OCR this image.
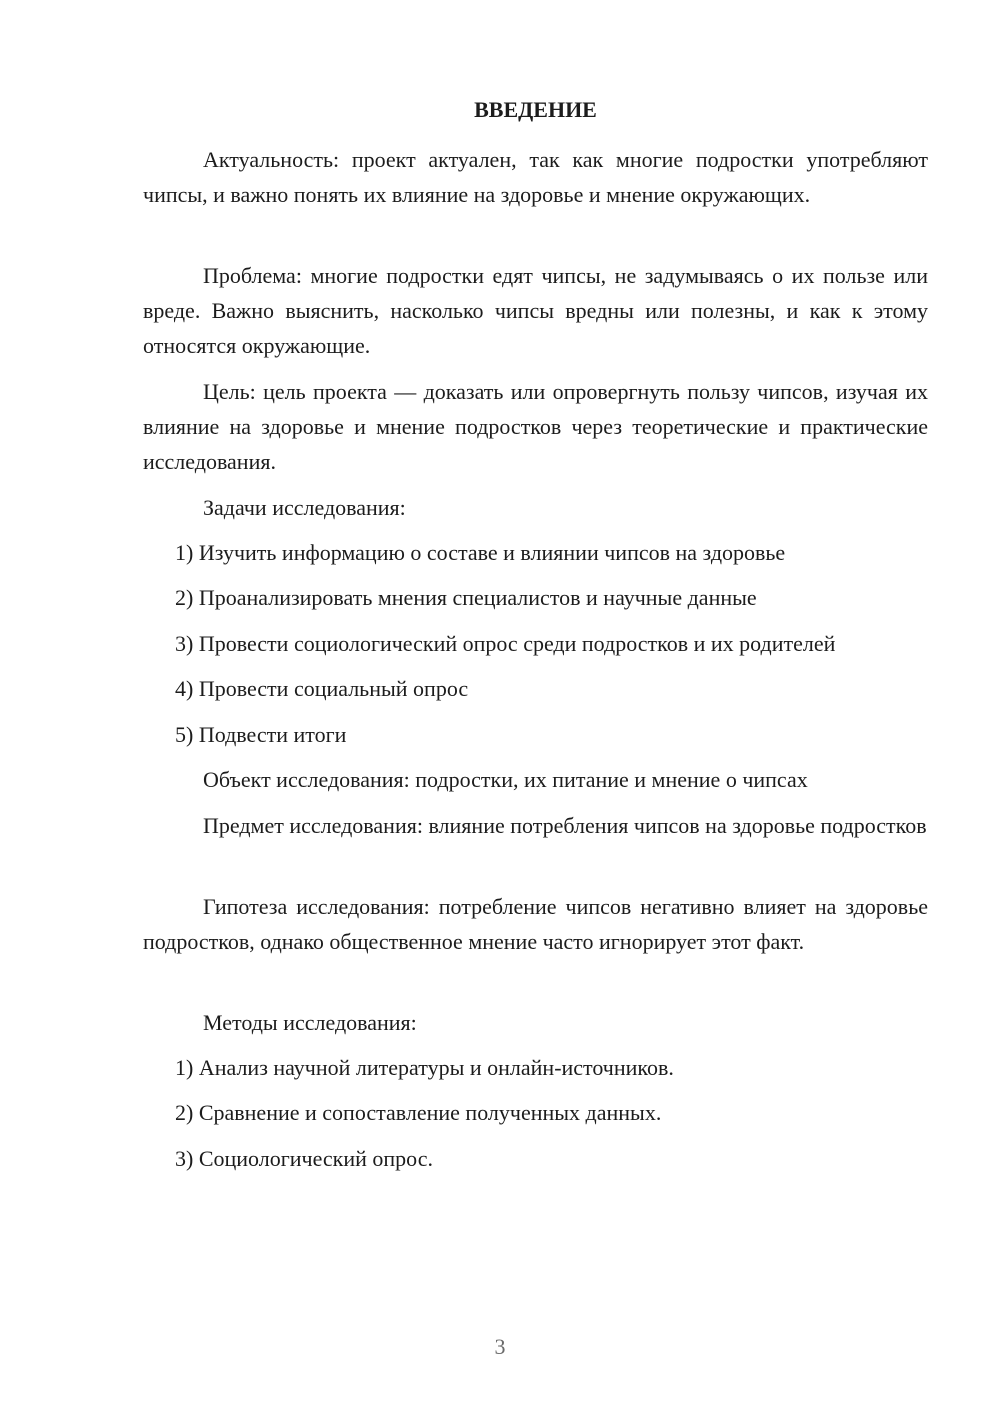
ВВЕДЕНИЕ

Актуальность: проект актуален, так как многие подростки употребляют чипсы, и важно понять их влияние на здоровье и мнение окружающих.

Проблема: многие подростки едят чипсы, не задумываясь о их пользе или вреде. Важно выяснить, насколько чипсы вредны или полезны, и как к этому относятся окружающие.

Цель: цель проекта — доказать или опровергнуть пользу чипсов, изучая их влияние на здоровье и мнение подростков через теоретические и практические исследования.

Задачи исследования:

1) Изучить информацию о составе и влиянии чипсов на здоровье

2) Проанализировать мнения специалистов и научные данные

3) Провести социологический опрос среди подростков и их родителей

4) Провести социальный опрос

5) Подвести итоги

Объект исследования: подростки, их питание и мнение о чипсах

Предмет исследования: влияние потребления чипсов на здоровье подростков

Гипотеза исследования: потребление чипсов негативно влияет на здоровье подростков, однако общественное мнение часто игнорирует этот факт.

Методы исследования:

1) Анализ научной литературы и онлайн-источников.

2) Сравнение и сопоставление полученных данных.

3) Социологический опрос.

3
